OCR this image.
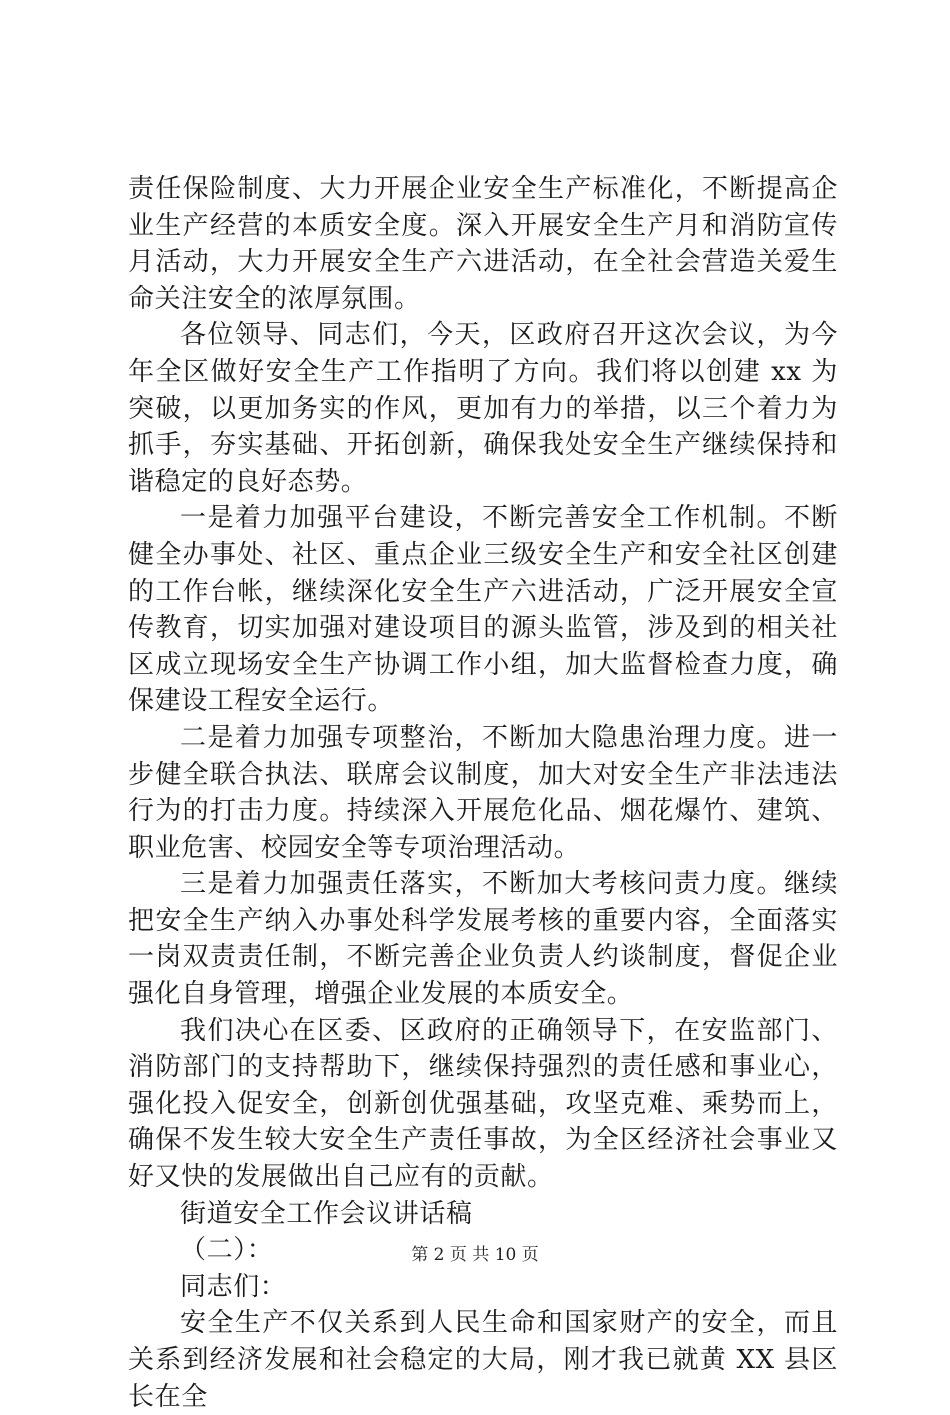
责任保险制度、大力开展企业安全生产标准化，不断提高企业生产经营的本质安全度。深入开展安全生产月和消防宣传月活动，大力开展安全生产六进活动，在全社会营造关爱生命关注安全的浓厚氛围。

各位领导、同志们，今天，区政府召开这次会议，为今年全区做好安全生产工作指明了方向。我们将以创建 xx 为突破，以更加务实的作风，更加有力的举措，以三个着力为抓手，夯实基础、开拓创新，确保我处安全生产继续保持和谐稳定的良好态势。

一是着力加强平台建设，不断完善安全工作机制。不断健全办事处、社区、重点企业三级安全生产和安全社区创建的工作台帐，继续深化安全生产六进活动，广泛开展安全宣传教育，切实加强对建设项目的源头监管，涉及到的相关社区成立现场安全生产协调工作小组，加大监督检查力度，确保建设工程安全运行。

二是着力加强专项整治，不断加大隐患治理力度。进一步健全联合执法、联席会议制度，加大对安全生产非法违法行为的打击力度。持续深入开展危化品、烟花爆竹、建筑、职业危害、校园安全等专项治理活动。

三是着力加强责任落实，不断加大考核问责力度。继续把安全生产纳入办事处科学发展考核的重要内容，全面落实一岗双责责任制，不断完善企业负责人约谈制度，督促企业强化自身管理，增强企业发展的本质安全。

我们决心在区委、区政府的正确领导下，在安监部门、消防部门的支持帮助下，继续保持强烈的责任感和事业心，强化投入促安全，创新创优强基础，攻坚克难、乘势而上，确保不发生较大安全生产责任事故，为全区经济社会事业又好又快的发展做出自己应有的贡献。

街道安全工作会议讲话稿

（二）：

同志们：

安全生产不仅关系到人民生命和国家财产的安全，而且关系到经济发展和社会稳定的大局，刚才我已就黄 XX 县区长在全

第 2 页 共 10 页
